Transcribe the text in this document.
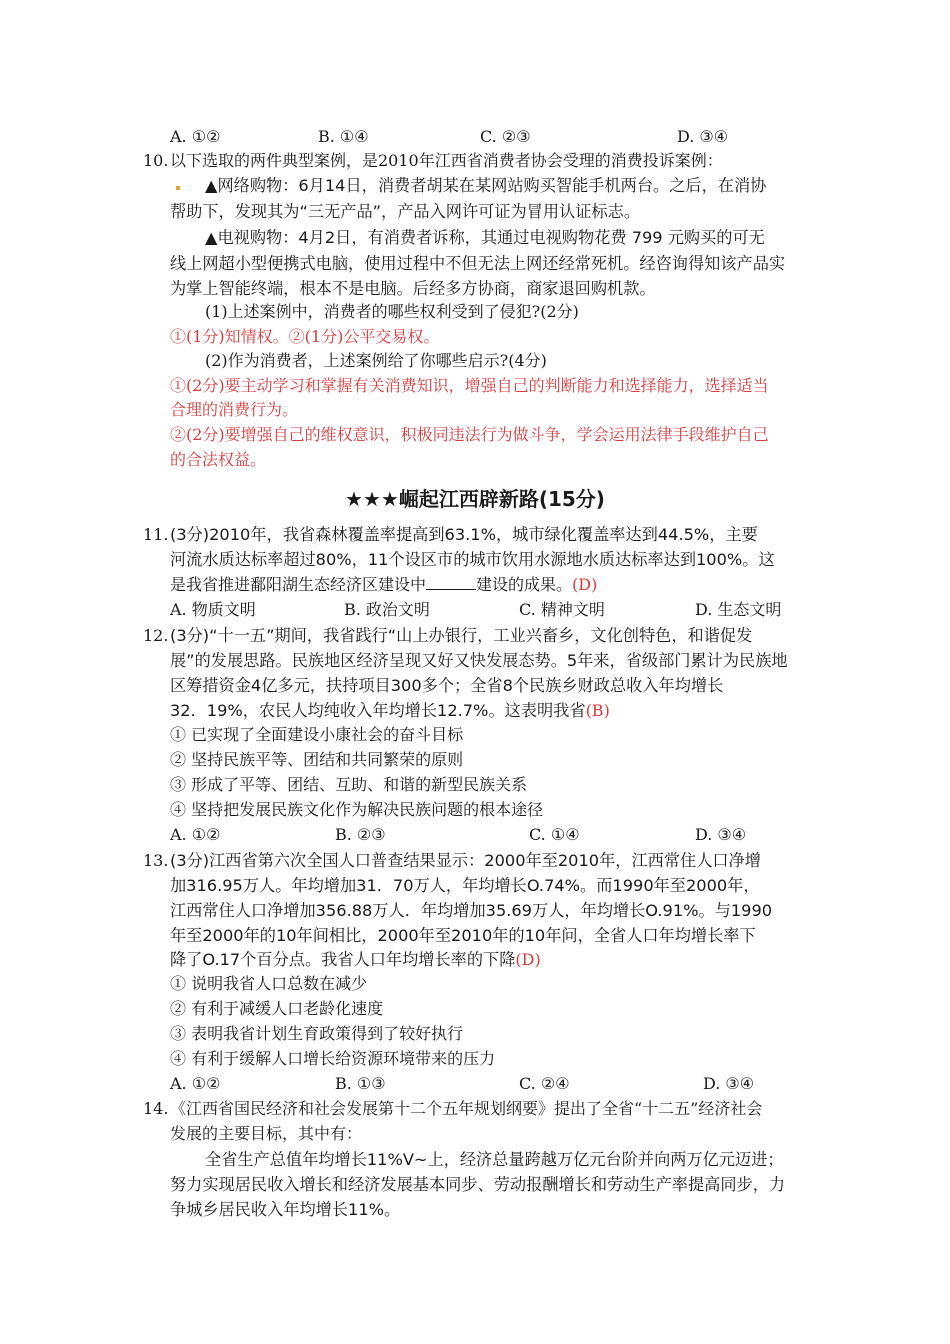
A. ①②	B. ①④	C. ②③	D. ③④
10. 以下选取的两件典型案例，是2010年江西省消费者协会受理的消费投诉案例：
▲网络购物：6月14日，消费者胡某在某网站购买智能手机两台。之后，在消协
帮助下，发现其为“三无产品”，产品入网许可证为冒用认证标志。
▲电视购物：4月2日，有消费者诉称，其通过电视购物花费 799 元购买的可无
线上网超小型便携式电脑，使用过程中不但无法上网还经常死机。经咨询得知该产品实
为掌上智能终端，根本不是电脑。后经多方协商，商家退回购机款。
(1)上述案例中，消费者的哪些权利受到了侵犯?(2分)
①(1分)知情权。②(1分)公平交易权。
(2)作为消费者，上述案例给了你哪些启示?(4分)
①(2分)要主动学习和掌握有关消费知识，增强自己的判断能力和选择能力，选择适当
合理的消费行为。
②(2分)要增强自己的维权意识，积极同违法行为做斗争，学会运用法律手段维护自己
的合法权益。
★★★崛起江西辟新路(15分)
11. (3分)2010年，我省森林覆盖率提高到63.1%，城市绿化覆盖率达到44.5%，主要
河流水质达标率超过80%，11个设区市的城市饮用水源地水质达标率达到100%。这
是我省推进鄱阳湖生态经济区建设中	建设的成果。(D)
A. 物质文明	B. 政治文明	C. 精神文明	D. 生态文明
12. (3分)“十一五”期间，我省践行“山上办银行，工业兴畜乡，文化创特色，和谐促发
展”的发展思路。民族地区经济呈现又好又快发展态势。5年来，省级部门累计为民族地
区筹措资金4亿多元，扶持项目300多个；全省8个民族乡财政总收入年均增长
32．19%，农民人均纯收入年均增长12.7%。这表明我省(B)
① 已实现了全面建设小康社会的奋斗目标
② 坚持民族平等、团结和共同繁荣的原则
③ 形成了平等、团结、互助、和谐的新型民族关系
④ 坚持把发展民族文化作为解决民族问题的根本途径
A. ①②	B. ②③	C. ①④	D. ③④
13. (3分)江西省第六次全国人口普查结果显示：2000年至2010年，江西常住人口净增
加316.95万人。年均增加31．70万人，年均增长O.74%。而1990年至2000年，
江西常住人口净增加356.88万人．年均增加35.69万人，年均增长O.91%。与1990
年至2000年的10年间相比，2000年至2010年的10年问，全省人口年均增长率下
降了O.17个百分点。我省人口年均增长率的下降(D)
① 说明我省人口总数在减少
② 有利于减缓人口老龄化速度
③ 表明我省计划生育政策得到了较好执行
④ 有利于缓解人口增长给资源环境带来的压力
A. ①②	B. ①③	C. ②④	D. ③④
14. 《江西省国民经济和社会发展第十二个五年规划纲要》提出了全省“十二五”经济社会
发展的主要目标，其中有：
全省生产总值年均增长11%V~上，经济总量跨越万亿元台阶并向两万亿元迈进；
努力实现居民收入增长和经济发展基本同步、劳动报酬增长和劳动生产率提高同步，力
争城乡居民收入年均增长11%。
